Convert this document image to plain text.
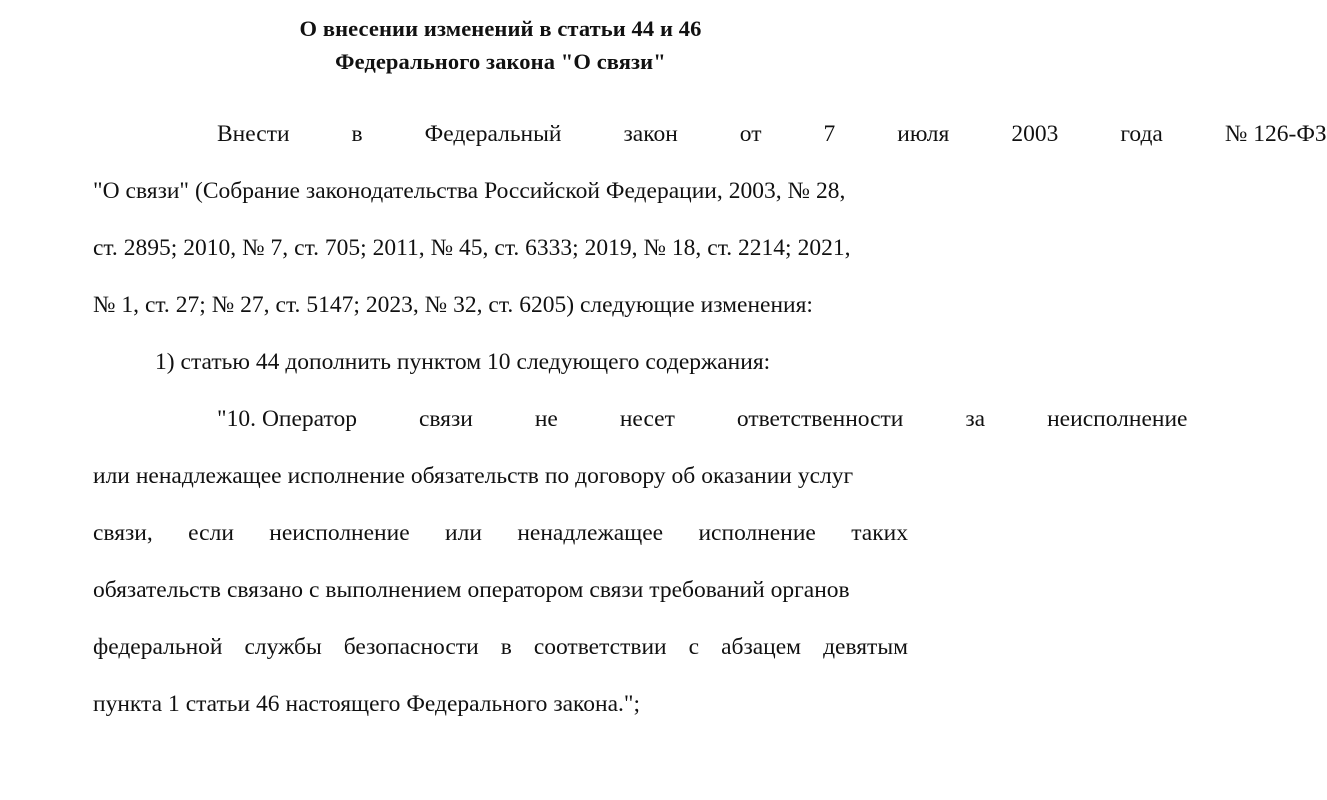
О внесении изменений в статьи 44 и 46
Федерального закона "О связи"

Внести	в	Федеральный	закон	от	7	июля	2003	года	№ 126-ФЗ
"О связи" (Собрание законодательства Российской Федерации, 2003, № 28,
ст. 2895; 2010, № 7, ст. 705; 2011, № 45, ст. 6333; 2019, № 18, ст. 2214; 2021,
№ 1, ст. 27; № 27, ст. 5147; 2023, № 32, ст. 6205) следующие изменения:

1) статью 44 дополнить пунктом 10 следующего содержания:

"10. Оператор	связи	не	несет	ответственности	за	неисполнение
или ненадлежащее исполнение обязательств по договору об оказании услуг
связи, если неисполнение или ненадлежащее исполнение таких
обязательств связано с выполнением оператором связи требований органов
федеральной службы безопасности в соответствии с абзацем девятым
пункта 1 статьи 46 настоящего Федерального закона.";
